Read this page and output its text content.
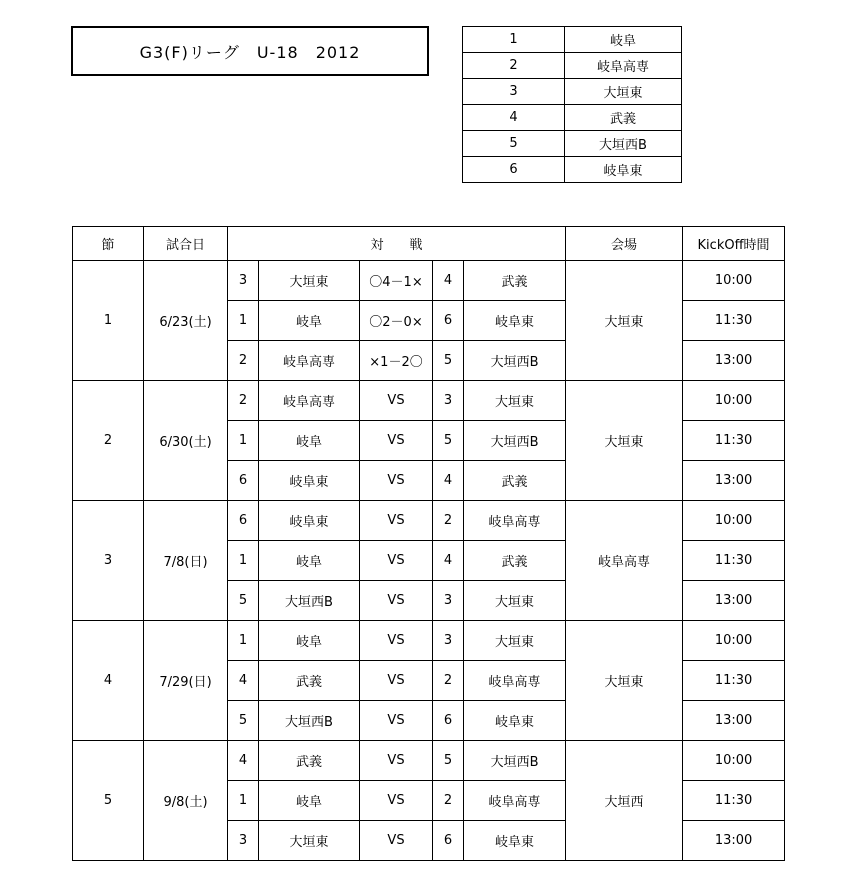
G3(F)リーグ　U-18　2012
1	岐阜
2	岐阜高専
3	大垣東
4	武義
5	大垣西B
6	岐阜東
節	試合日	対　　戦					会場	KickOff時間
1	6/23(土)	3	大垣東	〇4－1×	4	武義	大垣東	10:00
		1	岐阜	〇2－0×	6	岐阜東		11:30
		2	岐阜高専	×1－2〇	5	大垣西B		13:00
2	6/30(土)	2	岐阜高専	VS	3	大垣東	大垣東	10:00
		1	岐阜	VS	5	大垣西B		11:30
		6	岐阜東	VS	4	武義		13:00
3	7/8(日)	6	岐阜東	VS	2	岐阜高専	岐阜高専	10:00
		1	岐阜	VS	4	武義		11:30
		5	大垣西B	VS	3	大垣東		13:00
4	7/29(日)	1	岐阜	VS	3	大垣東	大垣東	10:00
		4	武義	VS	2	岐阜高専		11:30
		5	大垣西B	VS	6	岐阜東		13:00
5	9/8(土)	4	武義	VS	5	大垣西B	大垣西	10:00
		1	岐阜	VS	2	岐阜高専		11:30
		3	大垣東	VS	6	岐阜東		13:00
